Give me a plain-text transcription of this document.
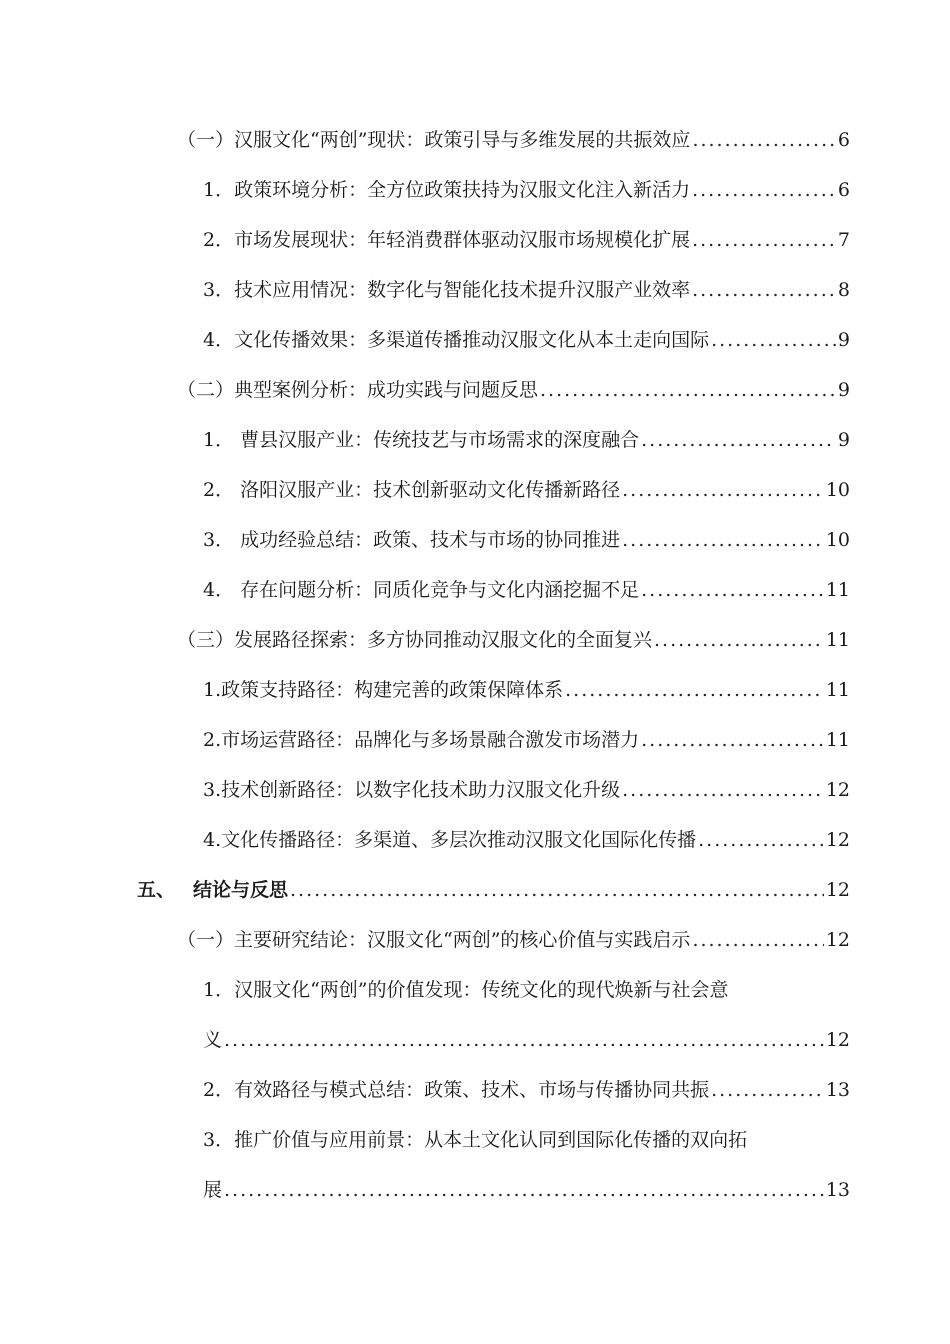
（一）汉服文化“两创”现状：政策引导与多维发展的共振效应 .....	6
1．政策环境分析：全方位政策扶持为汉服文化注入新活力 .....	6
2．市场发展现状：年轻消费群体驱动汉服市场规模化扩展 .....	7
3．技术应用情况：数字化与智能化技术提升汉服产业效率 .....	8
4．文化传播效果：多渠道传播推动汉服文化从本土走向国际 .....	9
（二）典型案例分析：成功实践与问题反思 .....	9
1． 曹县汉服产业：传统技艺与市场需求的深度融合 .....	9
2． 洛阳汉服产业：技术创新驱动文化传播新路径 .....	10
3． 成功经验总结：政策、技术与市场的协同推进 .....	10
4． 存在问题分析：同质化竞争与文化内涵挖掘不足 .....	11
（三）发展路径探索：多方协同推动汉服文化的全面复兴 .....	11
1.政策支持路径：构建完善的政策保障体系 .....	11
2.市场运营路径：品牌化与多场景融合激发市场潜力 .....	11
3.技术创新路径：以数字化技术助力汉服文化升级 .....	12
4.文化传播路径：多渠道、多层次推动汉服文化国际化传播 .....	12
五、 结论与反思 .....	12
（一）主要研究结论：汉服文化“两创”的核心价值与实践启示 .....	12
1．汉服文化“两创”的价值发现：传统文化的现代焕新与社会意
义 .....	12
2．有效路径与模式总结：政策、技术、市场与传播协同共振 .....	13
3．推广价值与应用前景：从本土文化认同到国际化传播的双向拓
展 .....	13
